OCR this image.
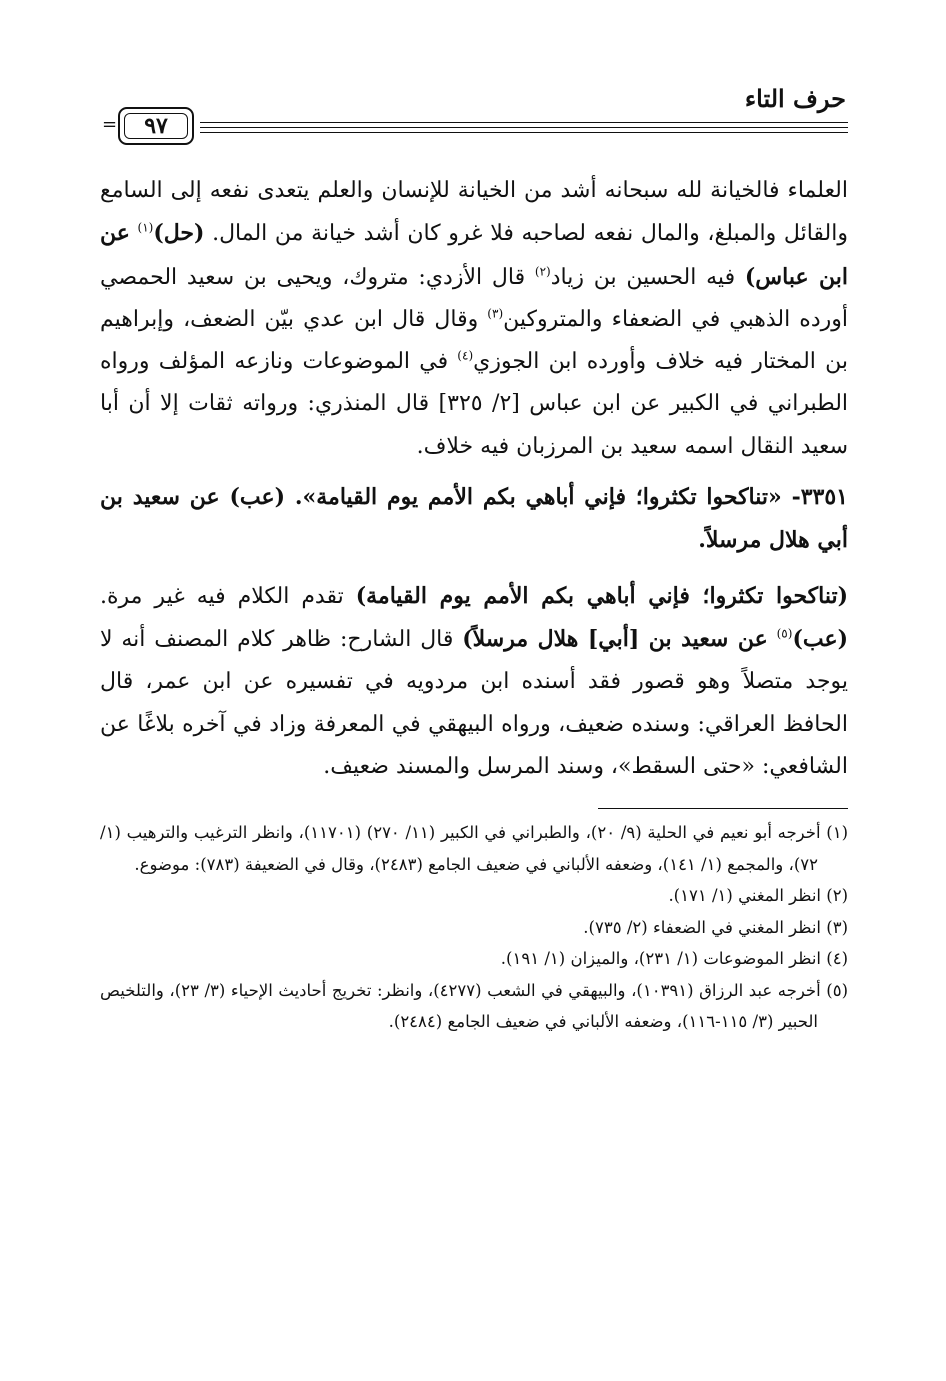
حرف التاء
=	٩٧

العلماء فالخيانة لله سبحانه أشد من الخيانة للإنسان والعلم يتعدى نفعه إلى السامع والقائل والمبلغ، والمال نفعه لصاحبه فلا غرو كان أشد خيانة من المال. (حل)$^{(١)}$ عن ابن عباس) فيه الحسين بن زياد$^{(٢)}$ قال الأزدي: متروك، ويحيى بن سعيد الحمصي أورده الذهبي في الضعفاء والمتروكين$^{(٣)}$ وقال قال ابن عدي بيّن الضعف، وإبراهيم بن المختار فيه خلاف وأورده ابن الجوزي$^{(٤)}$ في الموضوعات ونازعه المؤلف ورواه الطبراني في الكبير عن ابن عباس [٢/ ٣٢٥] قال المنذري: ورواته ثقات إلا أن أبا سعيد النقال اسمه سعيد بن المرزبان فيه خلاف.

٣٣٥١- «تناكحوا تكثروا؛ فإني أباهي بكم الأمم يوم القيامة». (عب) عن سعيد بن أبي هلال مرسلاً.

(تناكحوا تكثروا؛ فإني أباهي بكم الأمم يوم القيامة) تقدم الكلام فيه غير مرة. (عب)$^{(٥)}$ عن سعيد بن [أبي] هلال مرسلاً) قال الشارح: ظاهر كلام المصنف أنه لا يوجد متصلاً وهو قصور فقد أسنده ابن مردويه في تفسيره عن ابن عمر، قال الحافظ العراقي: وسنده ضعيف، ورواه البيهقي في المعرفة وزاد في آخره بلاغًا عن الشافعي: «حتى السقط»، وسند المرسل والمسند ضعيف.

(١) أخرجه أبو نعيم في الحلية (٩/ ٢٠)، والطبراني في الكبير (١١/ ٢٧٠) (١١٧٠١)، وانظر الترغيب والترهيب (١/ ٧٢)، والمجمع (١/ ١٤١)، وضعفه الألباني في ضعيف الجامع (٢٤٨٣)، وقال في الضعيفة (٧٨٣): موضوع.

(٢) انظر المغني (١/ ١٧١).

(٣) انظر المغني في الضعفاء (٢/ ٧٣٥).

(٤) انظر الموضوعات (١/ ٢٣١)، والميزان (١/ ١٩١).

(٥) أخرجه عبد الرزاق (١٠٣٩١)، والبيهقي في الشعب (٤٢٧٧)، وانظر: تخريج أحاديث الإحياء (٣/ ٢٣)، والتلخيص الحبير (٣/ ١١٥-١١٦)، وضعفه الألباني في ضعيف الجامع (٢٤٨٤).
